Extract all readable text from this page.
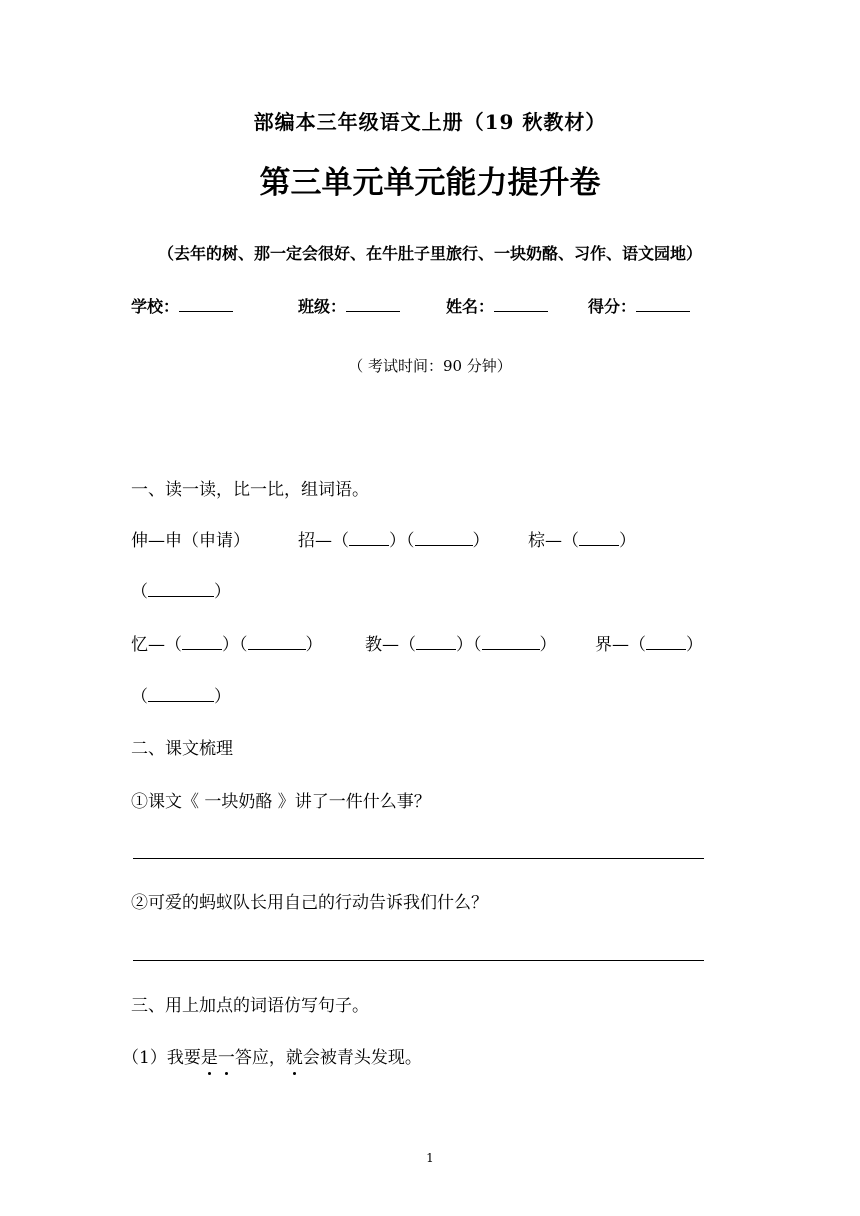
部编本三年级语文上册（19 秋教材）
第三单元单元能力提升卷
（去年的树、那一定会很好、在牛肚子里旅行、一块奶酪、习作、语文园地）
学校：	班级：	姓名：	得分：
（ 考试时间：90 分钟）
一、读一读，比一比，组词语。
伸—申（申请）	招—（ ）（	） 棕—（ ）
（	）
忆—（ ）（	）	教—（ ）（	） 界—（ ）
（	）
二、课文梳理
①课文《 一块奶酪 》讲了一件什么事？
②可爱的蚂蚁队长用自己的行动告诉我们什么？
三、用上加点的词语仿写句子。
（1）我要是一答应，就会被青头发现。
1
